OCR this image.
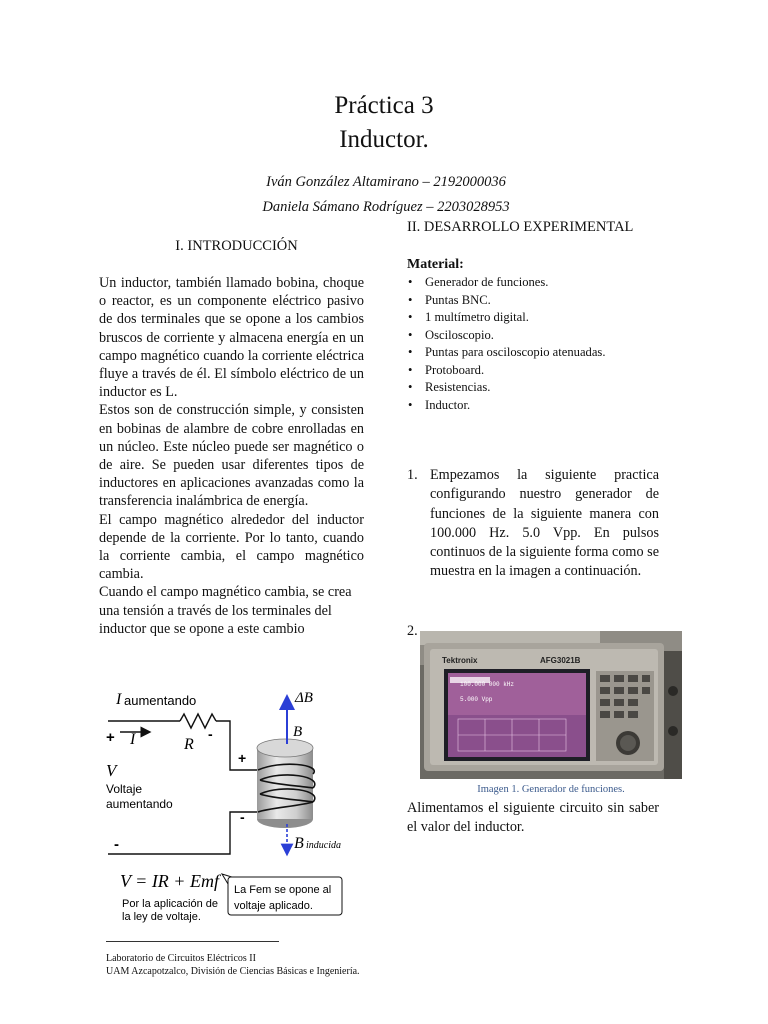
Práctica 3
Inductor.
Iván González Altamirano – 2192000036
Daniela Sámano Rodríguez – 2203028953
I. INTRODUCCIÓN

Un inductor, también llamado bobina, choque o reactor, es un componente eléctrico pasivo de dos terminales que se opone a los cambios bruscos de corriente y almacena energía en un campo magnético cuando la corriente eléctrica fluye a través de él. El símbolo eléctrico de un inductor es L.

Estos son de construcción simple, y consisten en bobinas de alambre de cobre enrolladas en un núcleo. Este núcleo puede ser magnético o de aire. Se pueden usar diferentes tipos de inductores en aplicaciones avanzadas como la transferencia inalámbrica de energía.

El campo magnético alrededor del inductor depende de la corriente. Por lo tanto, cuando la corriente cambia, el campo magnético cambia.

Cuando el campo magnético cambia, se crea una tensión a través de los terminales del inductor que se opone a este cambio

I aumentando
+ I	R
-
V
Voltaje
aumentando
+
-
-
ΔB
B
B inducida
V = IR + Emf La Fem se opone al
voltaje aplicado.
Por la aplicación de
la ley de voltaje.
Laboratorio de Circuitos Eléctricos II
UAM Azcapotzalco, División de Ciencias Básicas e Ingeniería.
II. DESARROLLO EXPERIMENTAL
Material:
• Generador de funciones.
• Puntas BNC.
• 1 multímetro digital.
• Osciloscopio.
• Puntas para osciloscopio atenuadas.
• Protoboard.
• Resistencias.
• Inductor.
1. Empezamos la siguiente practica configurando nuestro generador de funciones de la siguiente manera con 100.000 Hz. 5.0 Vpp. En pulsos continuos de la siguiente forma como se muestra en la imagen a continuación.
2.
Tektronix	AFG3021B
100.000 000 kHz
5.000 Vpp
Imagen 1. Generador de funciones.
Alimentamos el siguiente circuito sin saber el valor del inductor.
